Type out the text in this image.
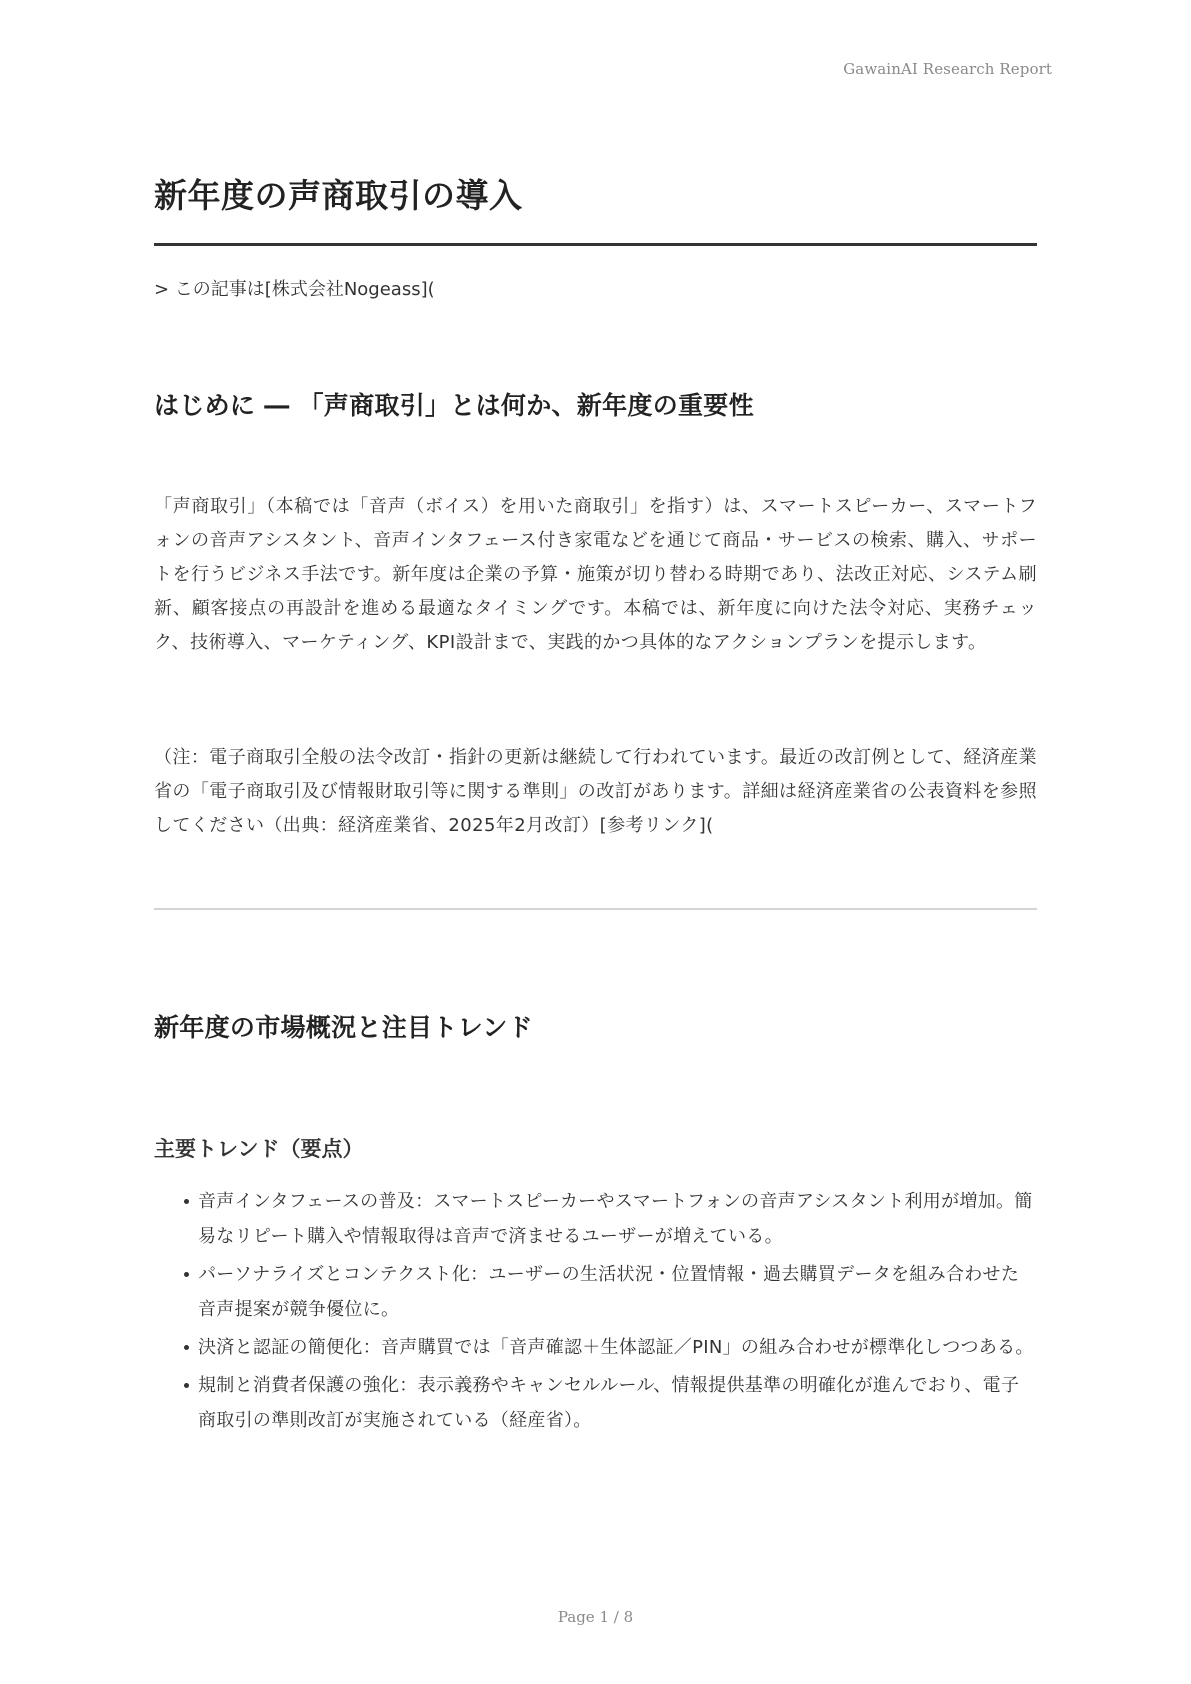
GawainAI Research Report
新年度の声商取引の導入
> この記事は[株式会社Nogeass](
はじめに ― 「声商取引」とは何か、新年度の重要性

「声商取引」（本稿では「音声（ボイス）を用いた商取引」を指す）は、スマートスピーカー、スマートフォンの音声アシスタント、音声インタフェース付き家電などを通じて商品・サービスの検索、購入、サポートを行うビジネス手法です。新年度は企業の予算・施策が切り替わる時期であり、法改正対応、システム刷新、顧客接点の再設計を進める最適なタイミングです。本稿では、新年度に向けた法令対応、実務チェック、技術導入、マーケティング、KPI設計まで、実践的かつ具体的なアクションプランを提示します。

（注：電子商取引全般の法令改訂・指針の更新は継続して行われています。最近の改訂例として、経済産業省の「電子商取引及び情報財取引等に関する準則」の改訂があります。詳細は経済産業省の公表資料を参照してください（出典：経済産業省、2025年2月改訂）[参考リンク](

新年度の市場概況と注目トレンド
主要トレンド（要点）
音声インタフェースの普及：スマートスピーカーやスマートフォンの音声アシスタント利用が増加。簡易なリピート購入や情報取得は音声で済ませるユーザーが増えている。
パーソナライズとコンテクスト化：ユーザーの生活状況・位置情報・過去購買データを組み合わせた音声提案が競争優位に。
決済と認証の簡便化：音声購買では「音声確認＋生体認証／PIN」の組み合わせが標準化しつつある。
規制と消費者保護の強化：表示義務やキャンセルルール、情報提供基準の明確化が進んでおり、電子商取引の準則改訂が実施されている（経産省）。
Page 1 / 8
